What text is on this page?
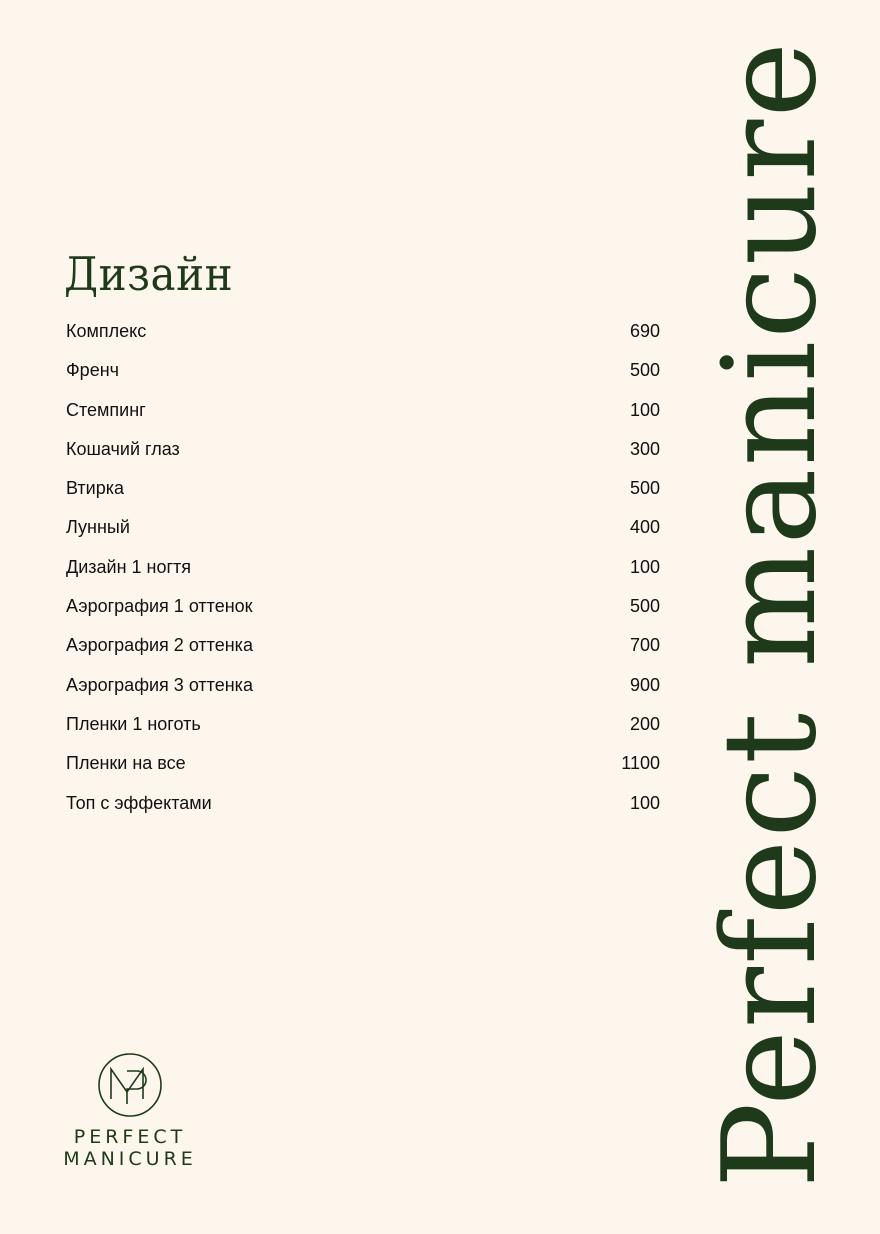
Дизайн
Комплекс	690
Френч	500
Стемпинг	100
Кошачий глаз	300
Втирка	500
Лунный	400
Дизайн 1 ногтя	100
Аэрография 1 оттенок	500
Аэрография 2 оттенка	700
Аэрография 3 оттенка	900
Пленки 1 ноготь	200
Пленки на все	1100
Топ с эффектами	100 Perfect manicure
PERFECT
MANICURE
